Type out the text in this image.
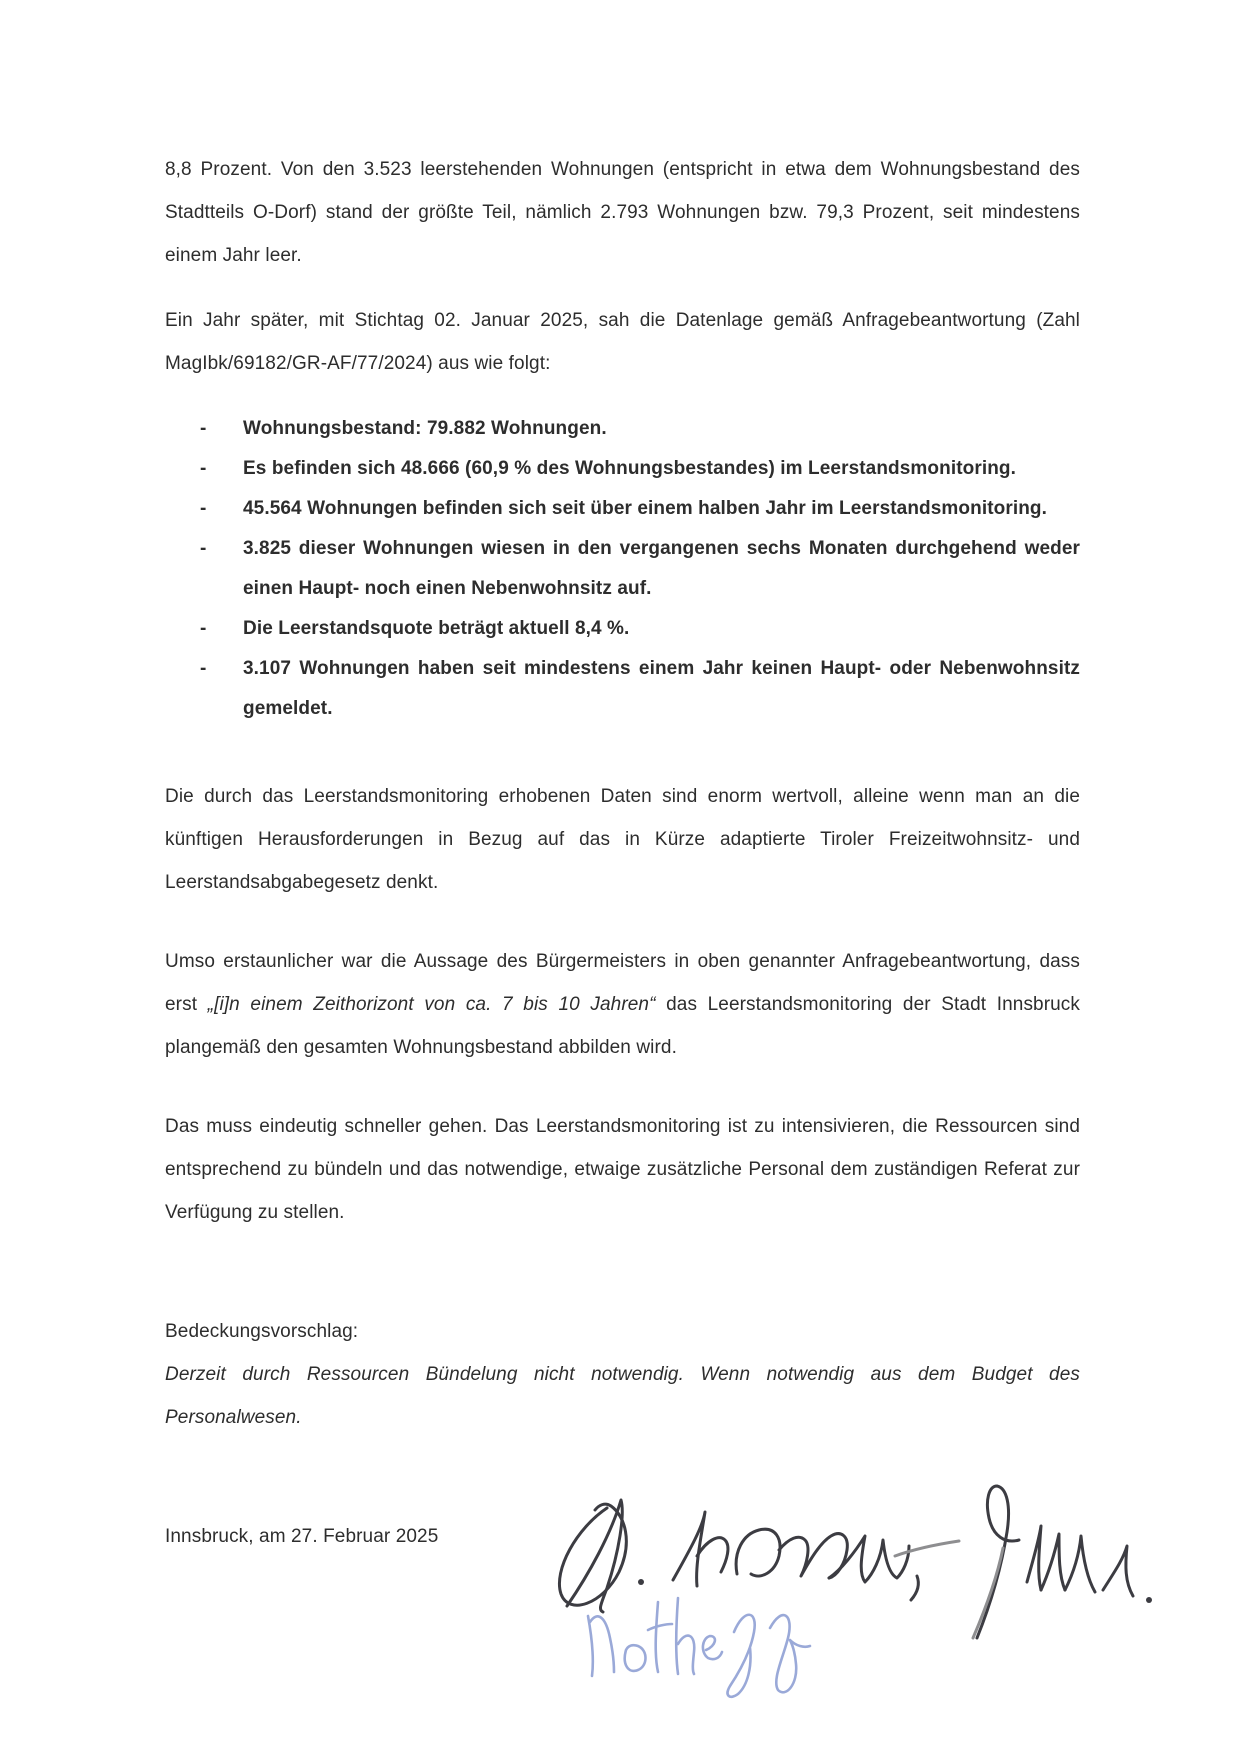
8,8 Prozent. Von den 3.523 leerstehenden Wohnungen (entspricht in etwa dem Wohnungsbestand des Stadtteils O-Dorf) stand der größte Teil, nämlich 2.793 Wohnungen bzw. 79,3 Prozent, seit mindestens einem Jahr leer.

Ein Jahr später, mit Stichtag 02. Januar 2025, sah die Datenlage gemäß Anfragebeantwortung (Zahl MagIbk/69182/GR-AF/77/2024) aus wie folgt:

-	Wohnungsbestand: 79.882 Wohnungen.
-	Es befinden sich 48.666 (60,9 % des Wohnungsbestandes) im Leerstandsmonitoring.
-	45.564 Wohnungen befinden sich seit über einem halben Jahr im Leerstandsmonitoring.
-	3.825 dieser Wohnungen wiesen in den vergangenen sechs Monaten durchgehend weder einen Haupt- noch einen Nebenwohnsitz auf.
-	Die Leerstandsquote beträgt aktuell 8,4 %.
-	3.107 Wohnungen haben seit mindestens einem Jahr keinen Haupt- oder Nebenwohnsitz gemeldet.

Die durch das Leerstandsmonitoring erhobenen Daten sind enorm wertvoll, alleine wenn man an die künftigen Herausforderungen in Bezug auf das in Kürze adaptierte Tiroler Freizeitwohnsitz- und Leerstandsabgabegesetz denkt.

Umso erstaunlicher war die Aussage des Bürgermeisters in oben genannter Anfragebeantwortung, dass erst „[i]n einem Zeithorizont von ca. 7 bis 10 Jahren“ das Leerstandsmonitoring der Stadt Innsbruck plangemäß den gesamten Wohnungsbestand abbilden wird.

Das muss eindeutig schneller gehen. Das Leerstandsmonitoring ist zu intensivieren, die Ressourcen sind entsprechend zu bündeln und das notwendige, etwaige zusätzliche Personal dem zuständigen Referat zur Verfügung zu stellen.

Bedeckungsvorschlag:

Derzeit durch Ressourcen Bündelung nicht notwendig. Wenn notwendig aus dem Budget des Personalwesen.

Innsbruck, am 27. Februar 2025
